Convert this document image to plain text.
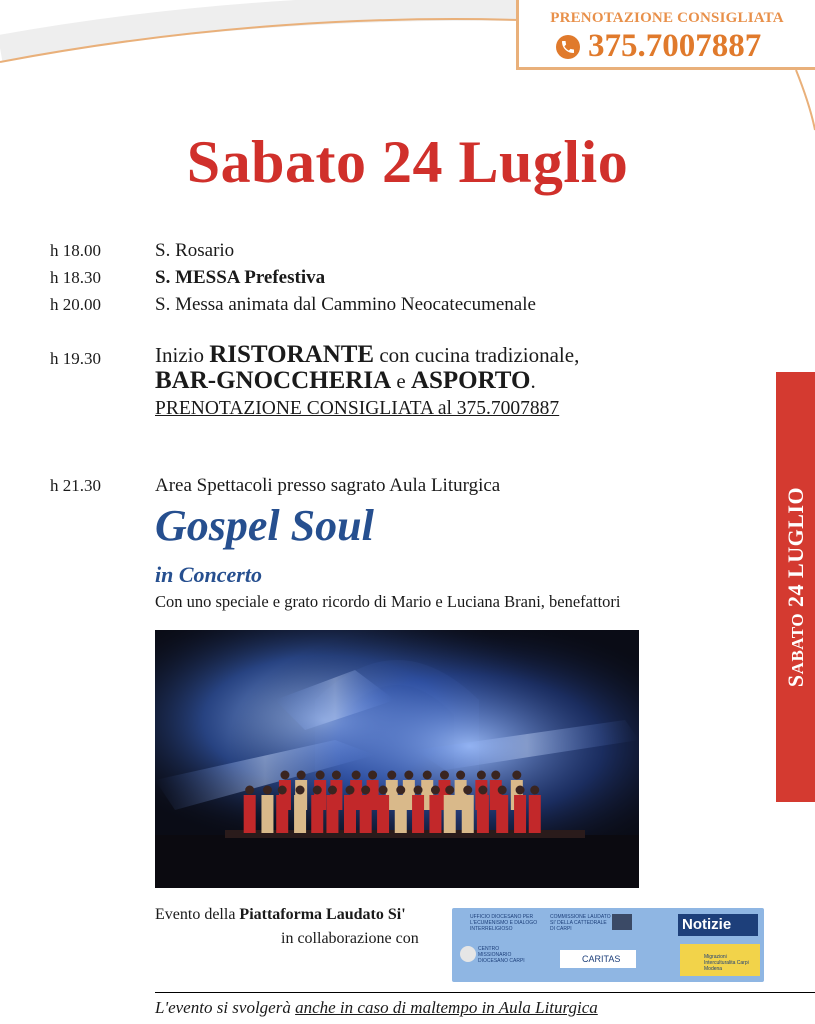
PRENOTAZIONE CONSIGLIATA
375.7007887
Sabato 24 Luglio
h 18.00	S. Rosario
h 18.30	S. MESSA Prefestiva
h 20.00	S. Messa animata dal Cammino Neocatecumenale
h 19.30	Inizio RISTORANTE con cucina tradizionale,
BAR-GNOCCHERIA e ASPORTO.
PRENOTAZIONE CONSIGLIATA al 375.7007887
h 21.30	Area Spettacoli presso sagrato Aula Liturgica
Gospel Soul
in Concerto
Con uno speciale e grato ricordo di Mario e Luciana Brani, benefattori
Evento della Piattaforma Laudato Si'
in collaborazione con
UFFICIO DIOCESANO PER L'ECUMENISMO E DIALOGO INTERRELIGIOSO
COMMISSIONE LAUDATO SI' DELLA CATTEDRALE DI CARPI	Notizie
CENTRO MISSIONARIO DIOCESANO CARPI	CARITAS	Migrazioni Interculturalita Carpi Modena
L'evento si svolgerà anche in caso di maltempo in Aula Liturgica
SABATO 24 LUGLIO
